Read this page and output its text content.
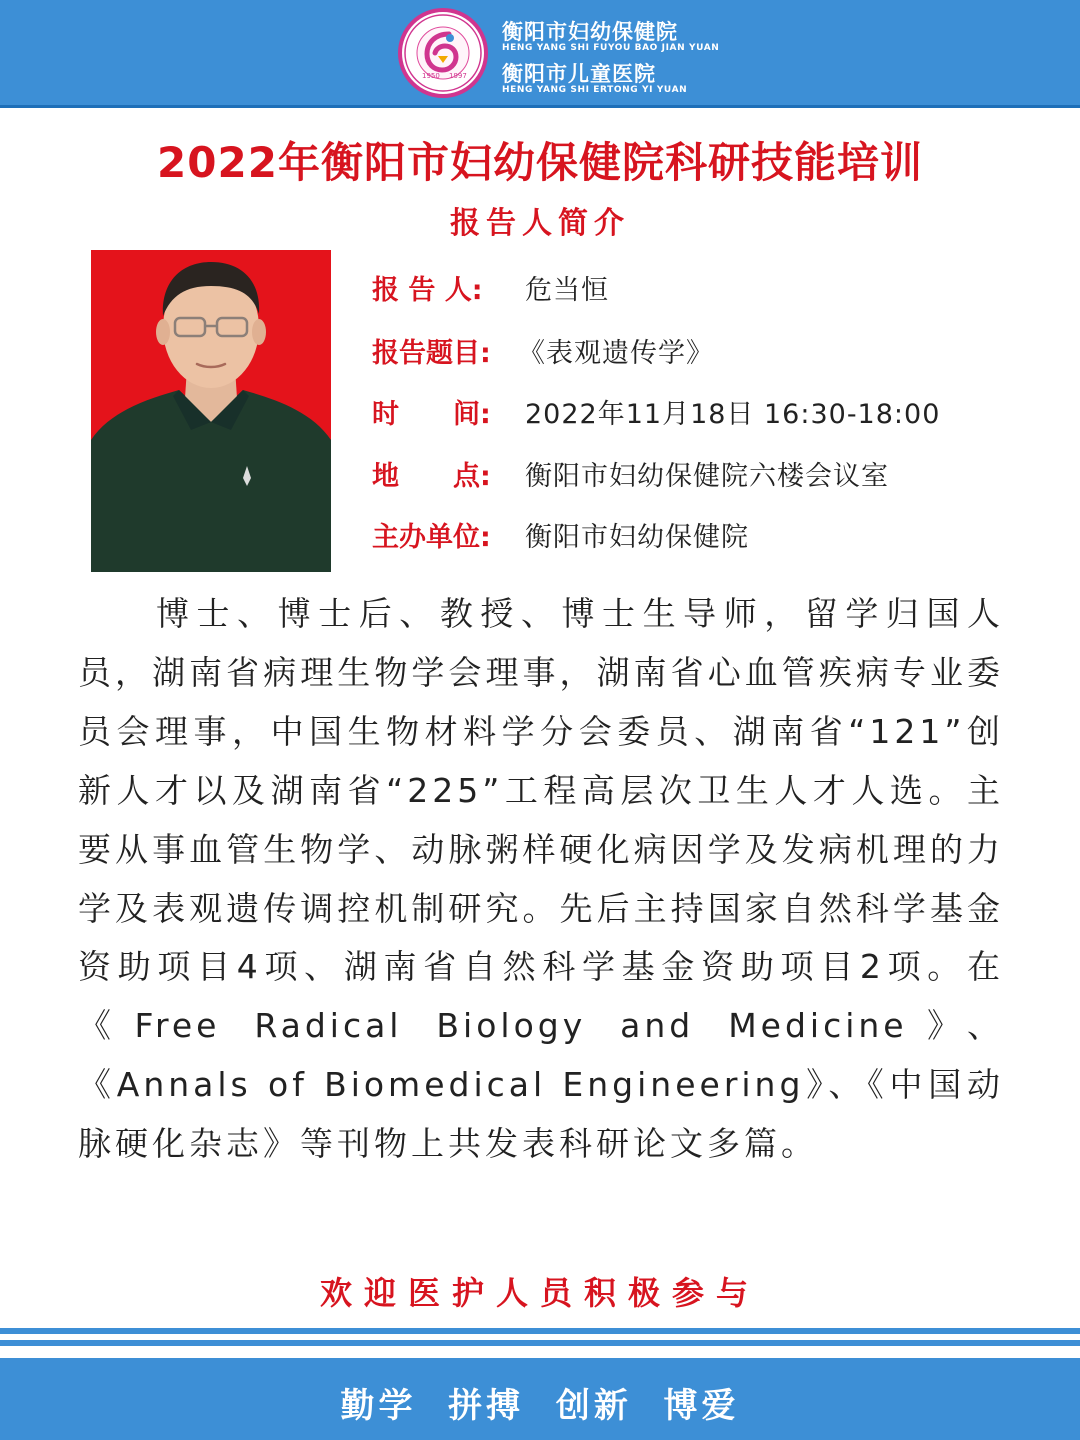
1950 1997
衡阳市妇幼保健院
HENG YANG SHI FUYOU BAO JIAN YUAN
衡阳市儿童医院
HENG YANG SHI ERTONG YI YUAN
2022年衡阳市妇幼保健院科研技能培训
报告人简介
报 告 人:	危当恒
报告题目:	《表观遗传学》
时　　间:	2022年11月18日 16:30-18:00
地　　点:	衡阳市妇幼保健院六楼会议室
主办单位:	衡阳市妇幼保健院
博士、博士后、教授、博士生导师，留学归国人员，湖南省病理生物学会理事，湖南省心血管疾病专业委员会理事，中国生物材料学分会委员、湖南省“121”创新人才以及湖南省“225”工程高层次卫生人才人选。主要从事血管生物学、动脉粥样硬化病因学及发病机理的力学及表观遗传调控机制研究。先后主持国家自然科学基金资助项目4项、湖南省自然科学基金资助项目2项。在《Free Radical Biology and Medicine》、《Annals of Biomedical Engineering》、《中国动脉硬化杂志》等刊物上共发表科研论文多篇。
欢迎医护人员积极参与
勤学  拼搏  创新  博爱
